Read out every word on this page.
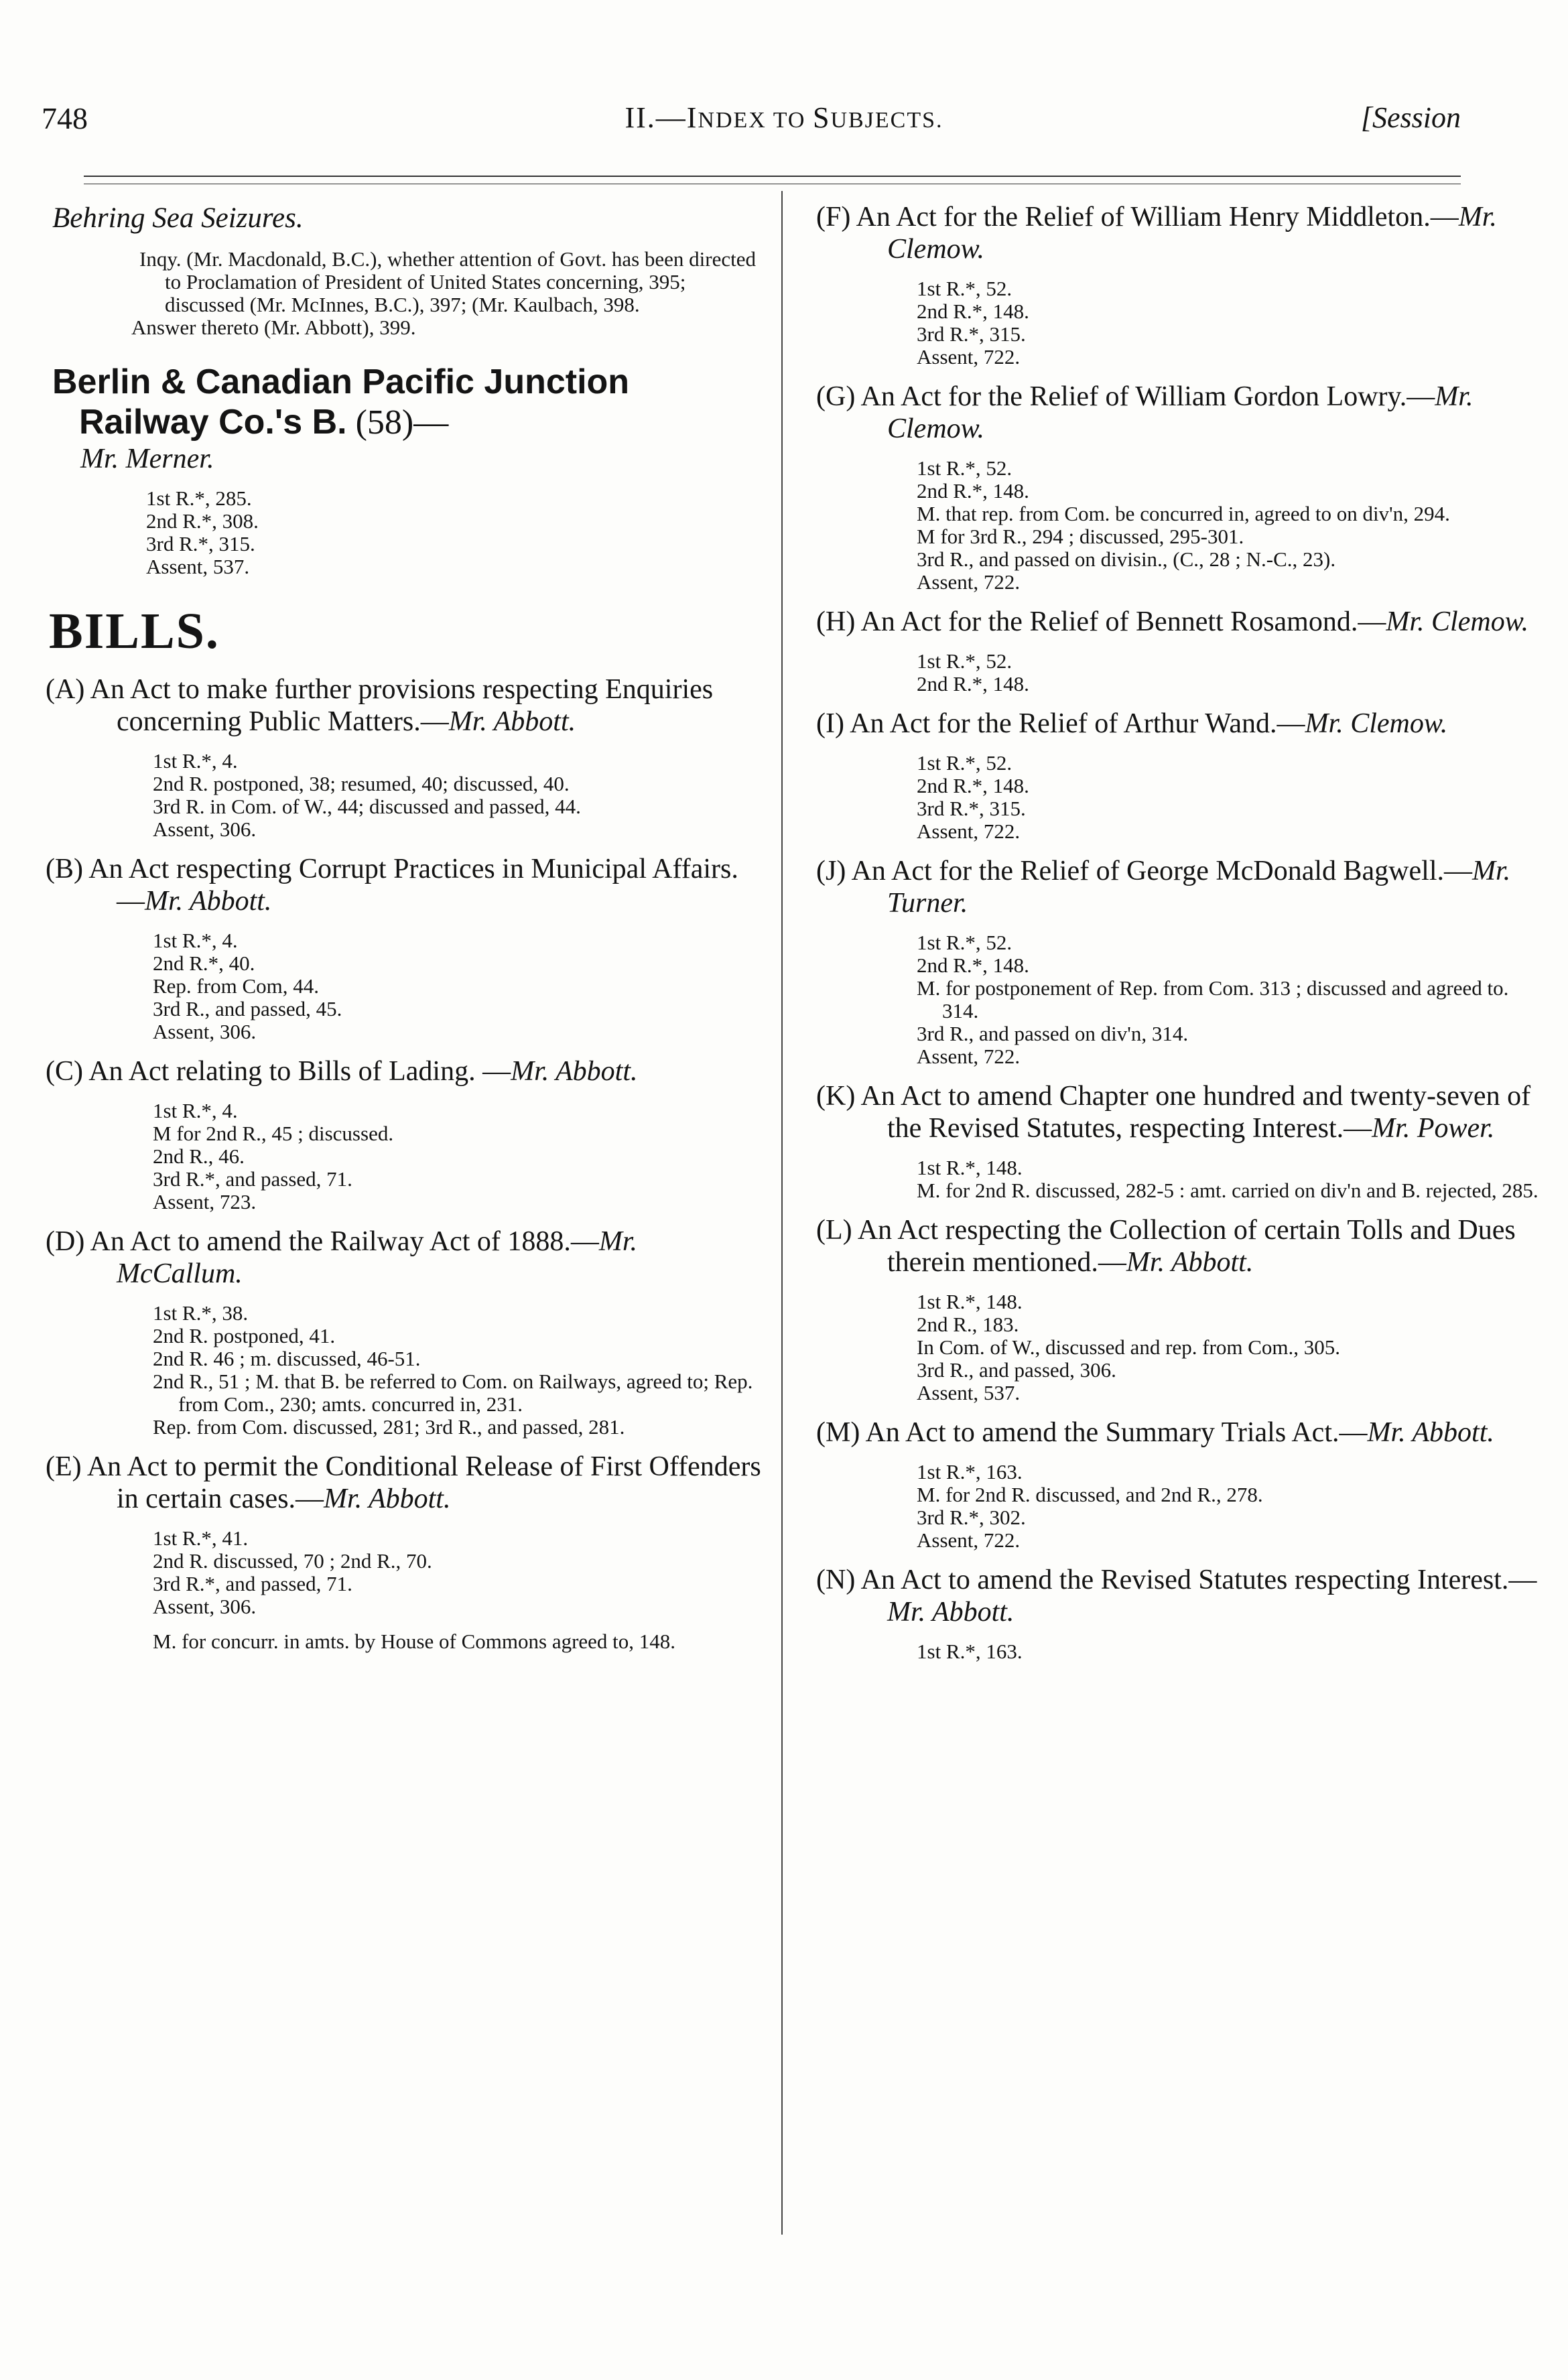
748	II.—INDEX TO SUBJECTS.	[Session
Behring Sea Seizures.
Inqy. (Mr. Macdonald, B.C.), whether attention of Govt. has been directed to Proclamation of President of United States concerning, 395; discussed (Mr. McInnes, B.C.), 397; (Mr. Kaulbach, 398.
Answer thereto (Mr. Abbott), 399.
Berlin & Canadian Pacific Junction Railway Co.'s B. (58)—
Mr. Merner.
1st R.*, 285.
2nd R.*, 308.
3rd R.*, 315.
Assent, 537.
BILLS.
(A) An Act to make further provisions respecting Enquiries concerning Public Matters.—Mr. Abbott.
1st R.*, 4.
2nd R. postponed, 38; resumed, 40; discussed, 40.
3rd R. in Com. of W., 44; discussed and passed, 44.
Assent, 306.
(B) An Act respecting Corrupt Practices in Municipal Affairs.—Mr. Abbott.
1st R.*, 4.
2nd R.*, 40.
Rep. from Com, 44.
3rd R., and passed, 45.
Assent, 306.
(C) An Act relating to Bills of Lading. —Mr. Abbott.
1st R.*, 4.
M for 2nd R., 45 ; discussed.
2nd R., 46.
3rd R.*, and passed, 71.
Assent, 723.
(D) An Act to amend the Railway Act of 1888.—Mr. McCallum.
1st R.*, 38.
2nd R. postponed, 41.
2nd R. 46 ; m. discussed, 46-51.
2nd R., 51 ; M. that B. be referred to Com. on Railways, agreed to; Rep. from Com., 230; amts. concurred in, 231.
Rep. from Com. discussed, 281; 3rd R., and passed, 281.
(E) An Act to permit the Conditional Release of First Offenders in certain cases.—Mr. Abbott.
1st R.*, 41.
2nd R. discussed, 70 ; 2nd R., 70.
3rd R.*, and passed, 71.
Assent, 306.
M. for concurr. in amts. by House of Commons agreed to, 148.
(F) An Act for the Relief of William Henry Middleton.—Mr. Clemow.
1st R.*, 52.
2nd R.*, 148.
3rd R.*, 315.
Assent, 722.
(G) An Act for the Relief of William Gordon Lowry.—Mr. Clemow.
1st R.*, 52.
2nd R.*, 148.
M. that rep. from Com. be concurred in, agreed to on div'n, 294.
M for 3rd R., 294 ; discussed, 295-301.
3rd R., and passed on divisin., (C., 28 ; N.-C., 23).
Assent, 722.
(H) An Act for the Relief of Bennett Rosamond.—Mr. Clemow.
1st R.*, 52.
2nd R.*, 148.
(I) An Act for the Relief of Arthur Wand.—Mr. Clemow.
1st R.*, 52.
2nd R.*, 148.
3rd R.*, 315.
Assent, 722.
(J) An Act for the Relief of George McDonald Bagwell.—Mr. Turner.
1st R.*, 52.
2nd R.*, 148.
M. for postponement of Rep. from Com. 313 ; discussed and agreed to. 314.
3rd R., and passed on div'n, 314.
Assent, 722.
(K) An Act to amend Chapter one hundred and twenty-seven of the Revised Statutes, respecting Interest.—Mr. Power.
1st R.*, 148.
M. for 2nd R. discussed, 282-5 : amt. carried on div'n and B. rejected, 285.
(L) An Act respecting the Collection of certain Tolls and Dues therein mentioned.—Mr. Abbott.
1st R.*, 148.
2nd R., 183.
In Com. of W., discussed and rep. from Com., 305.
3rd R., and passed, 306.
Assent, 537.
(M) An Act to amend the Summary Trials Act.—Mr. Abbott.
1st R.*, 163.
M. for 2nd R. discussed, and 2nd R., 278.
3rd R.*, 302.
Assent, 722.
(N) An Act to amend the Revised Statutes respecting Interest.—Mr. Abbott.
1st R.*, 163.
